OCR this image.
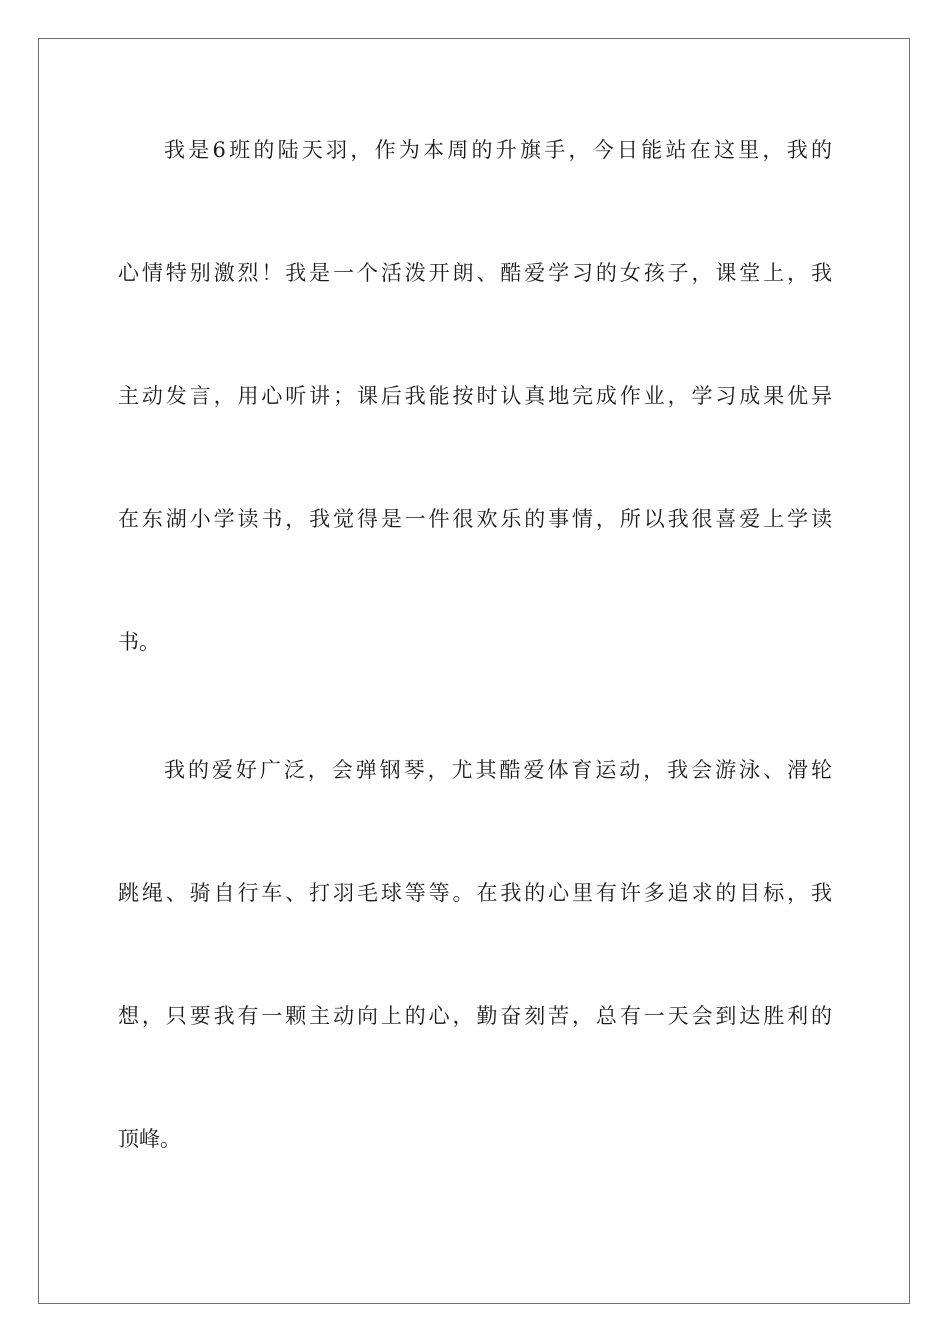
我是6班的陆天羽，作为本周的升旗手，今日能站在这里，我的
心情特别激烈！我是一个活泼开朗、酷爱学习的女孩子，课堂上，我
主动发言，用心听讲；课后我能按时认真地完成作业，学习成果优异
在东湖小学读书，我觉得是一件很欢乐的事情，所以我很喜爱上学读
书。
我的爱好广泛，会弹钢琴，尤其酷爱体育运动，我会游泳、滑轮
跳绳、骑自行车、打羽毛球等等。在我的心里有许多追求的目标，我
想，只要我有一颗主动向上的心，勤奋刻苦，总有一天会到达胜利的
顶峰。
